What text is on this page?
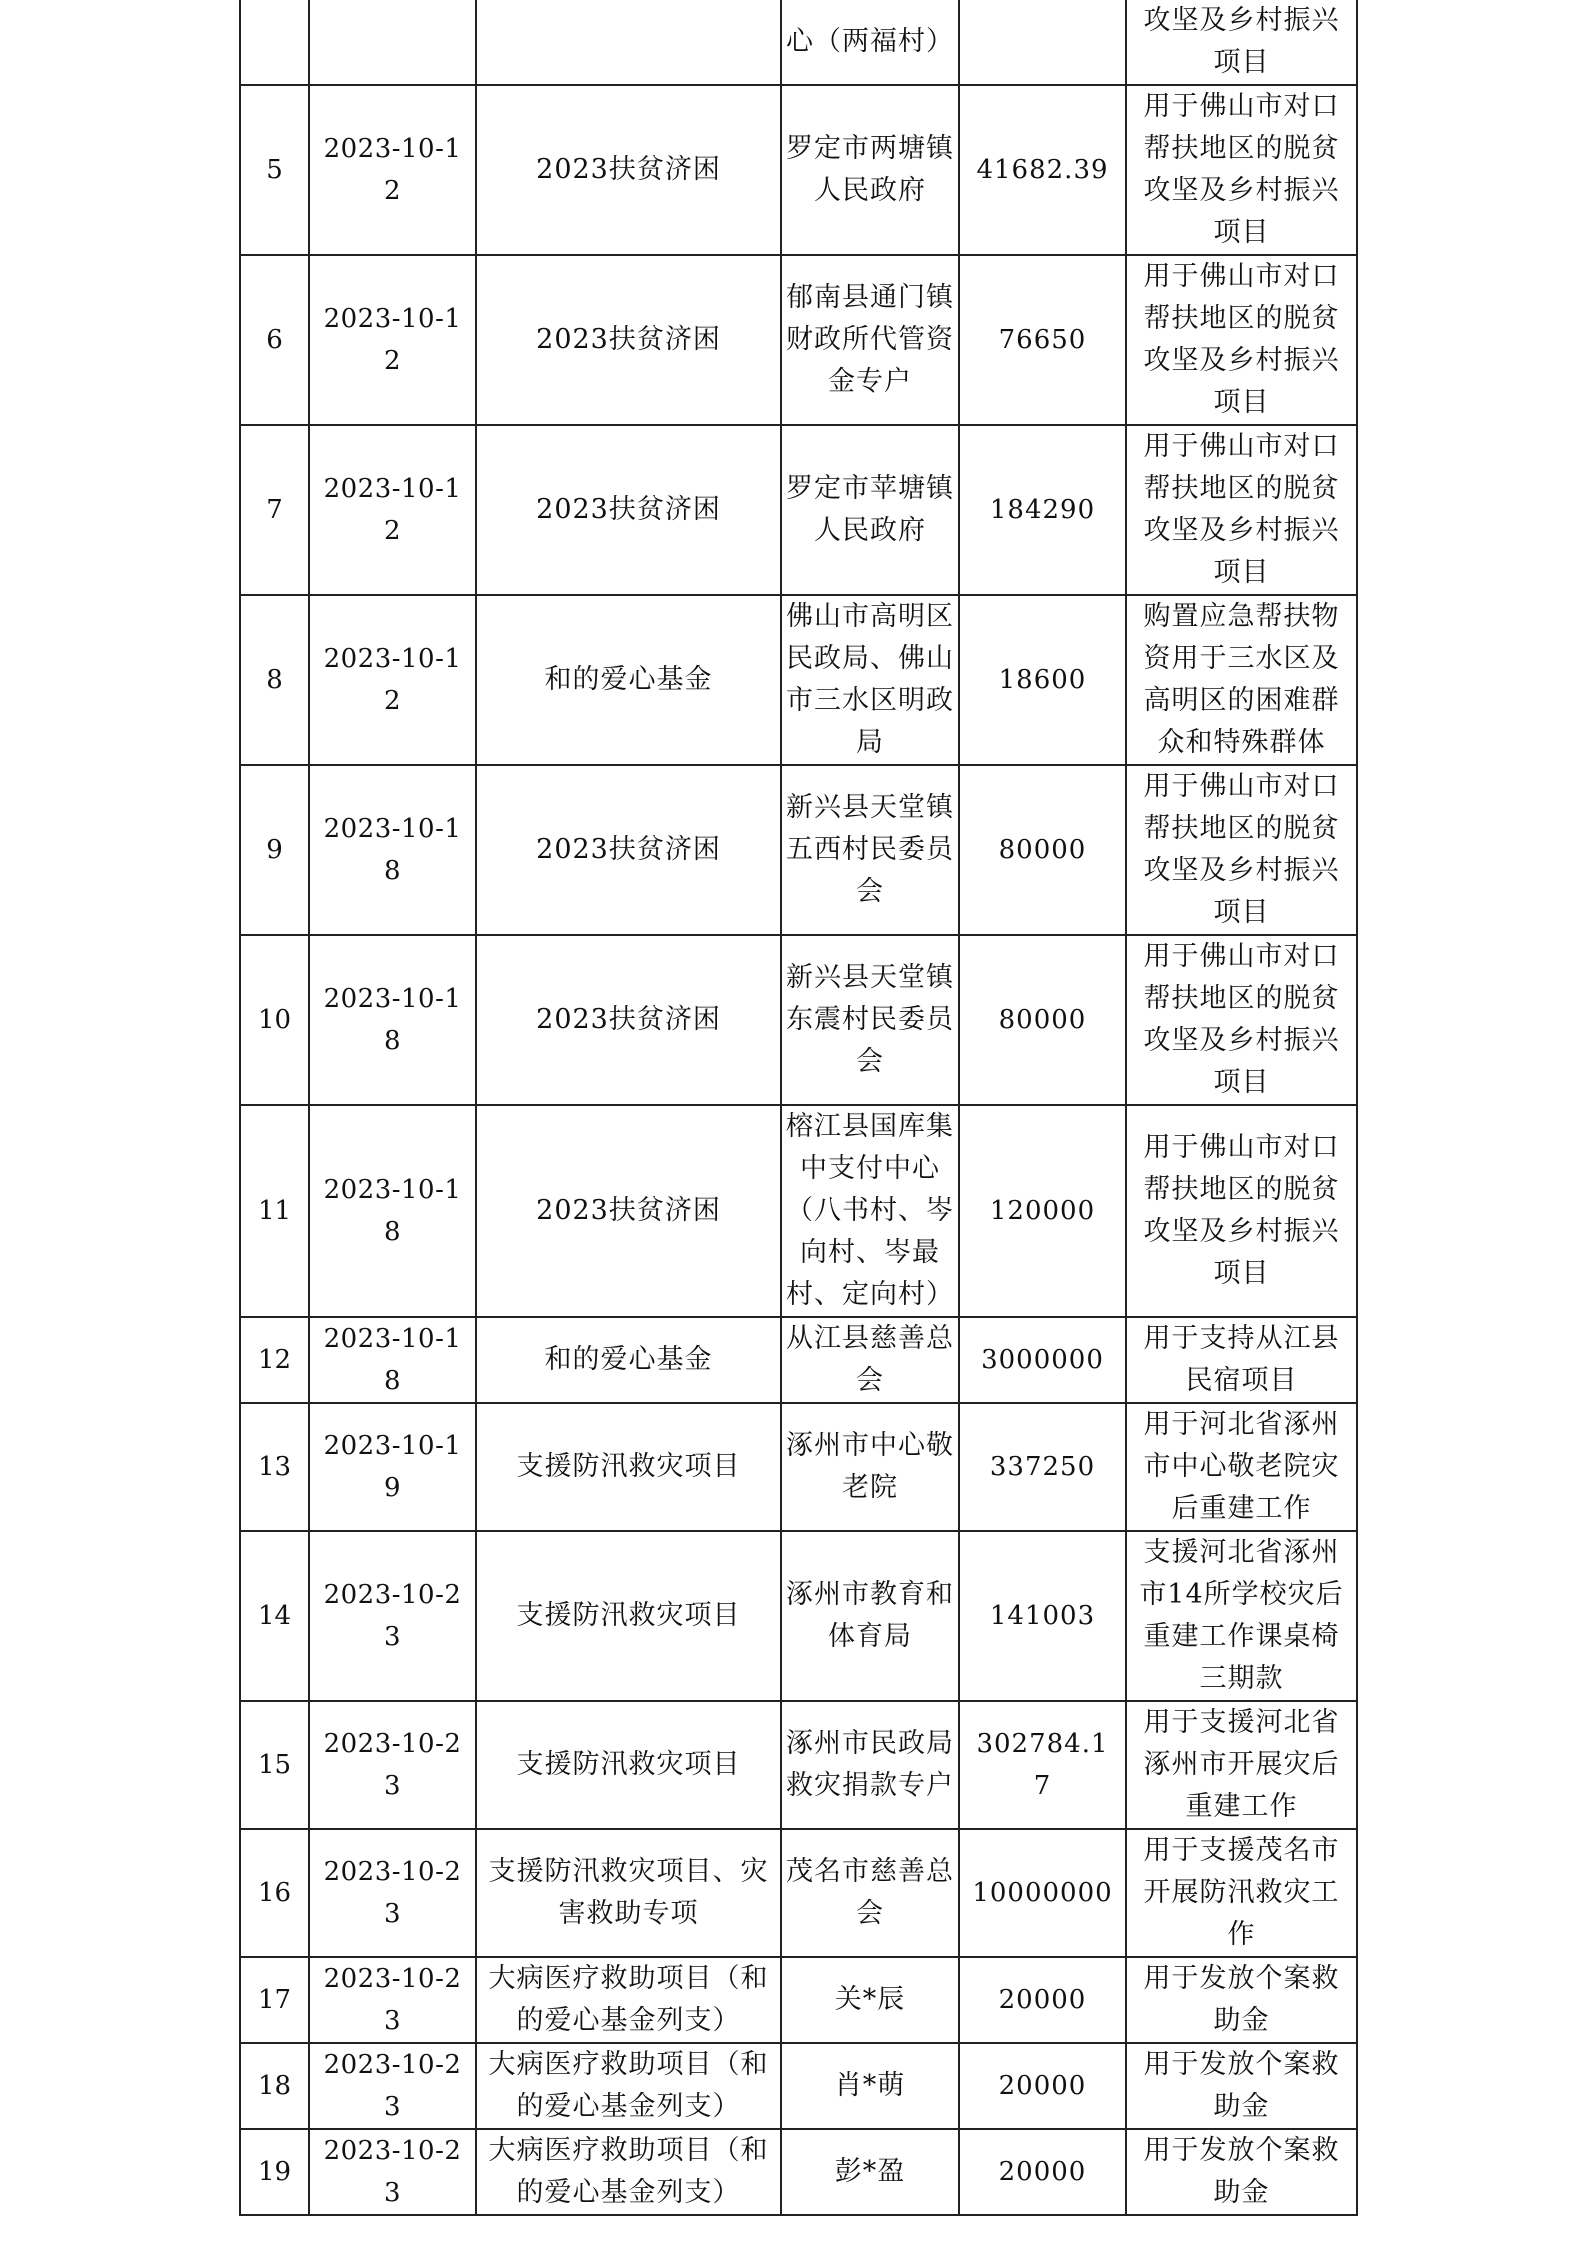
			心（两福村）		攻坚及乡村振兴项目
5	2023-10-12	2023扶贫济困	罗定市两塘镇人民政府	41682.39	用于佛山市对口帮扶地区的脱贫攻坚及乡村振兴项目
6	2023-10-12	2023扶贫济困	郁南县通门镇财政所代管资金专户	76650	用于佛山市对口帮扶地区的脱贫攻坚及乡村振兴项目
7	2023-10-12	2023扶贫济困	罗定市苹塘镇人民政府	184290	用于佛山市对口帮扶地区的脱贫攻坚及乡村振兴项目
8	2023-10-12	和的爱心基金	佛山市高明区民政局、佛山市三水区明政局	18600	购置应急帮扶物资用于三水区及高明区的困难群众和特殊群体
9	2023-10-18	2023扶贫济困	新兴县天堂镇五西村民委员会	80000	用于佛山市对口帮扶地区的脱贫攻坚及乡村振兴项目
10	2023-10-18	2023扶贫济困	新兴县天堂镇东震村民委员会	80000	用于佛山市对口帮扶地区的脱贫攻坚及乡村振兴项目
11	2023-10-18	2023扶贫济困	榕江县国库集中支付中心（八书村、岑向村、岑最村、定向村）	120000	用于佛山市对口帮扶地区的脱贫攻坚及乡村振兴项目
12	2023-10-18	和的爱心基金	从江县慈善总会	3000000	用于支持从江县民宿项目
13	2023-10-19	支援防汛救灾项目	涿州市中心敬老院	337250	用于河北省涿州市中心敬老院灾后重建工作
14	2023-10-23	支援防汛救灾项目	涿州市教育和体育局	141003	支援河北省涿州市14所学校灾后重建工作课桌椅三期款
15	2023-10-23	支援防汛救灾项目	涿州市民政局救灾捐款专户	302784.17	用于支援河北省涿州市开展灾后重建工作
16	2023-10-23	支援防汛救灾项目、灾害救助专项	茂名市慈善总会	10000000	用于支援茂名市开展防汛救灾工作
17	2023-10-23	大病医疗救助项目（和的爱心基金列支）	关*辰	20000	用于发放个案救助金
18	2023-10-23	大病医疗救助项目（和的爱心基金列支）	肖*萌	20000	用于发放个案救助金
19	2023-10-23	大病医疗救助项目（和的爱心基金列支）	彭*盈	20000	用于发放个案救助金
